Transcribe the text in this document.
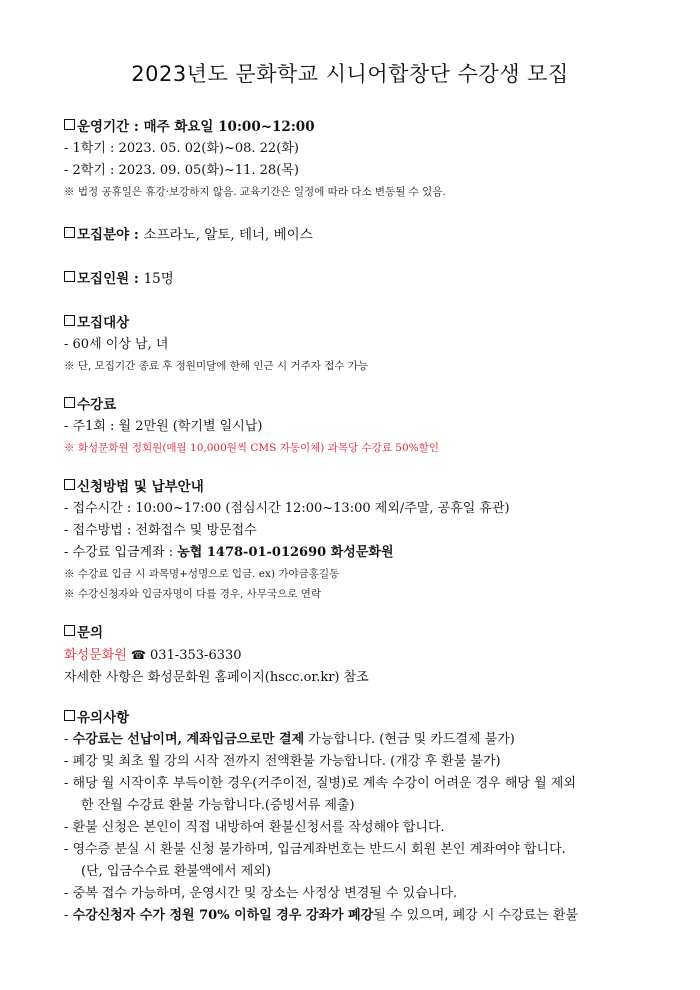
2023년도 문화학교 시니어합창단 수강생 모집

운영기간 : 매주 화요일 10:00~12:00

- 1학기 : 2023. 05. 02(화)~08. 22(화)

- 2학기 : 2023. 09. 05(화)~11. 28(목)

※ 법정 공휴일은 휴강·보강하지 않음. 교육기간은 일정에 따라 다소 변동될 수 있음.

모집분야 : 소프라노, 알토, 테너, 베이스

모집인원 : 15명

모집대상

- 60세 이상 남, 녀

※ 단, 모집기간 종료 후 정원미달에 한해 인근 시 거주자 접수 가능

수강료

- 주1회 : 월 2만원 (학기별 일시납)

※ 화성문화원 정회원(매월 10,000원씩 CMS 자동이체) 과목당 수강료 50%할인

신청방법 및 납부안내

- 접수시간 : 10:00~17:00 (점심시간 12:00~13:00 제외/주말, 공휴일 휴관)

- 접수방법 : 전화접수 및 방문접수

- 수강료 입금계좌 : 농협 1478-01-012690 화성문화원

※ 수강료 입금 시 과목명+성명으로 입금. ex) 가야금홍길동

※ 수강신청자와 입금자명이 다를 경우, 사무국으로 연락

문의

화성문화원 ☎ 031-353-6330

자세한 사항은 화성문화원 홈페이지(hscc.or.kr) 참조

유의사항

- 수강료는 선납이며, 계좌입금으로만 결제 가능합니다. (현금 및 카드결제 불가)

- 폐강 및 최초 월 강의 시작 전까지 전액환불 가능합니다. (개강 후 환불 불가)

- 해당 월 시작이후 부득이한 경우(거주이전, 질병)로 계속 수강이 어려운 경우 해당 월 제외

한 잔월 수강료 환불 가능합니다.(증빙서류 제출)

- 환불 신청은 본인이 직접 내방하여 환불신청서를 작성해야 합니다.

- 영수증 분실 시 환불 신청 불가하며, 입금계좌번호는 반드시 회원 본인 계좌여야 합니다.

(단, 입금수수료 환불액에서 제외)

- 중복 접수 가능하며, 운영시간 및 장소는 사정상 변경될 수 있습니다.

- 수강신청자 수가 정원 70% 이하일 경우 강좌가 폐강될 수 있으며, 폐강 시 수강료는 환불
